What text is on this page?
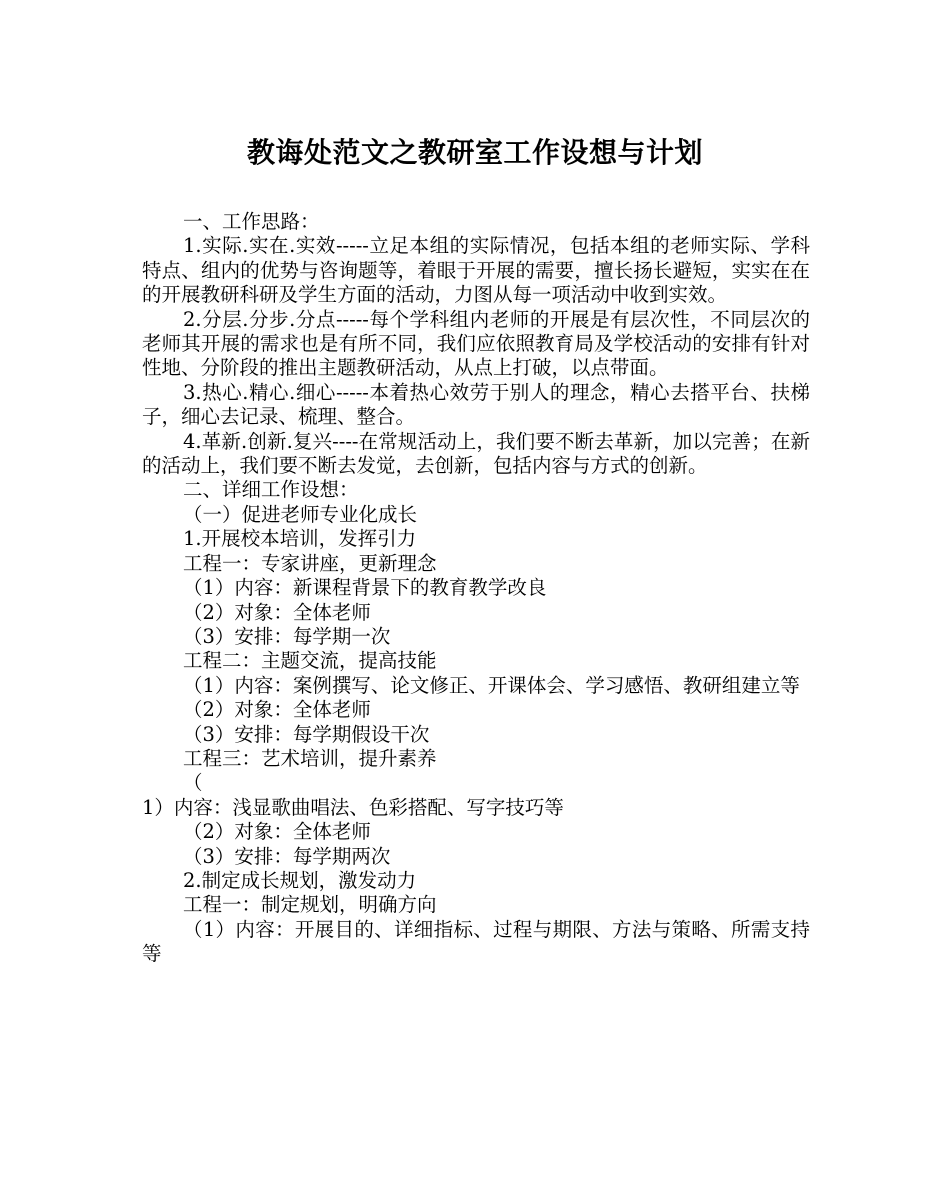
教诲处范文之教研室工作设想与计划

一、工作思路：

1.实际.实在.实效-----立足本组的实际情况，包括本组的老师实际、学科特点、组内的优势与咨询题等，着眼于开展的需要，擅长扬长避短，实实在在的开展教研科研及学生方面的活动，力图从每一项活动中收到实效。

2.分层.分步.分点-----每个学科组内老师的开展是有层次性，不同层次的老师其开展的需求也是有所不同，我们应依照教育局及学校活动的安排有针对性地、分阶段的推出主题教研活动，从点上打破，以点带面。

3.热心.精心.细心-----本着热心效劳于别人的理念，精心去搭平台、扶梯子，细心去记录、梳理、整合。

4.革新.创新.复兴----在常规活动上，我们要不断去革新，加以完善；在新的活动上，我们要不断去发觉，去创新，包括内容与方式的创新。

二、详细工作设想：

（一）促进老师专业化成长

1.开展校本培训，发挥引力

工程一：专家讲座，更新理念

（1）内容：新课程背景下的教育教学改良

（2）对象：全体老师

（3）安排：每学期一次

工程二：主题交流，提高技能

（1）内容：案例撰写、论文修正、开课体会、学习感悟、教研组建立等

（2）对象：全体老师

（3）安排：每学期假设干次

工程三：艺术培训，提升素养

（

1）内容：浅显歌曲唱法、色彩搭配、写字技巧等

（2）对象：全体老师

（3）安排：每学期两次

2.制定成长规划，激发动力

工程一：制定规划，明确方向

（1）内容：开展目的、详细指标、过程与期限、方法与策略、所需支持等
